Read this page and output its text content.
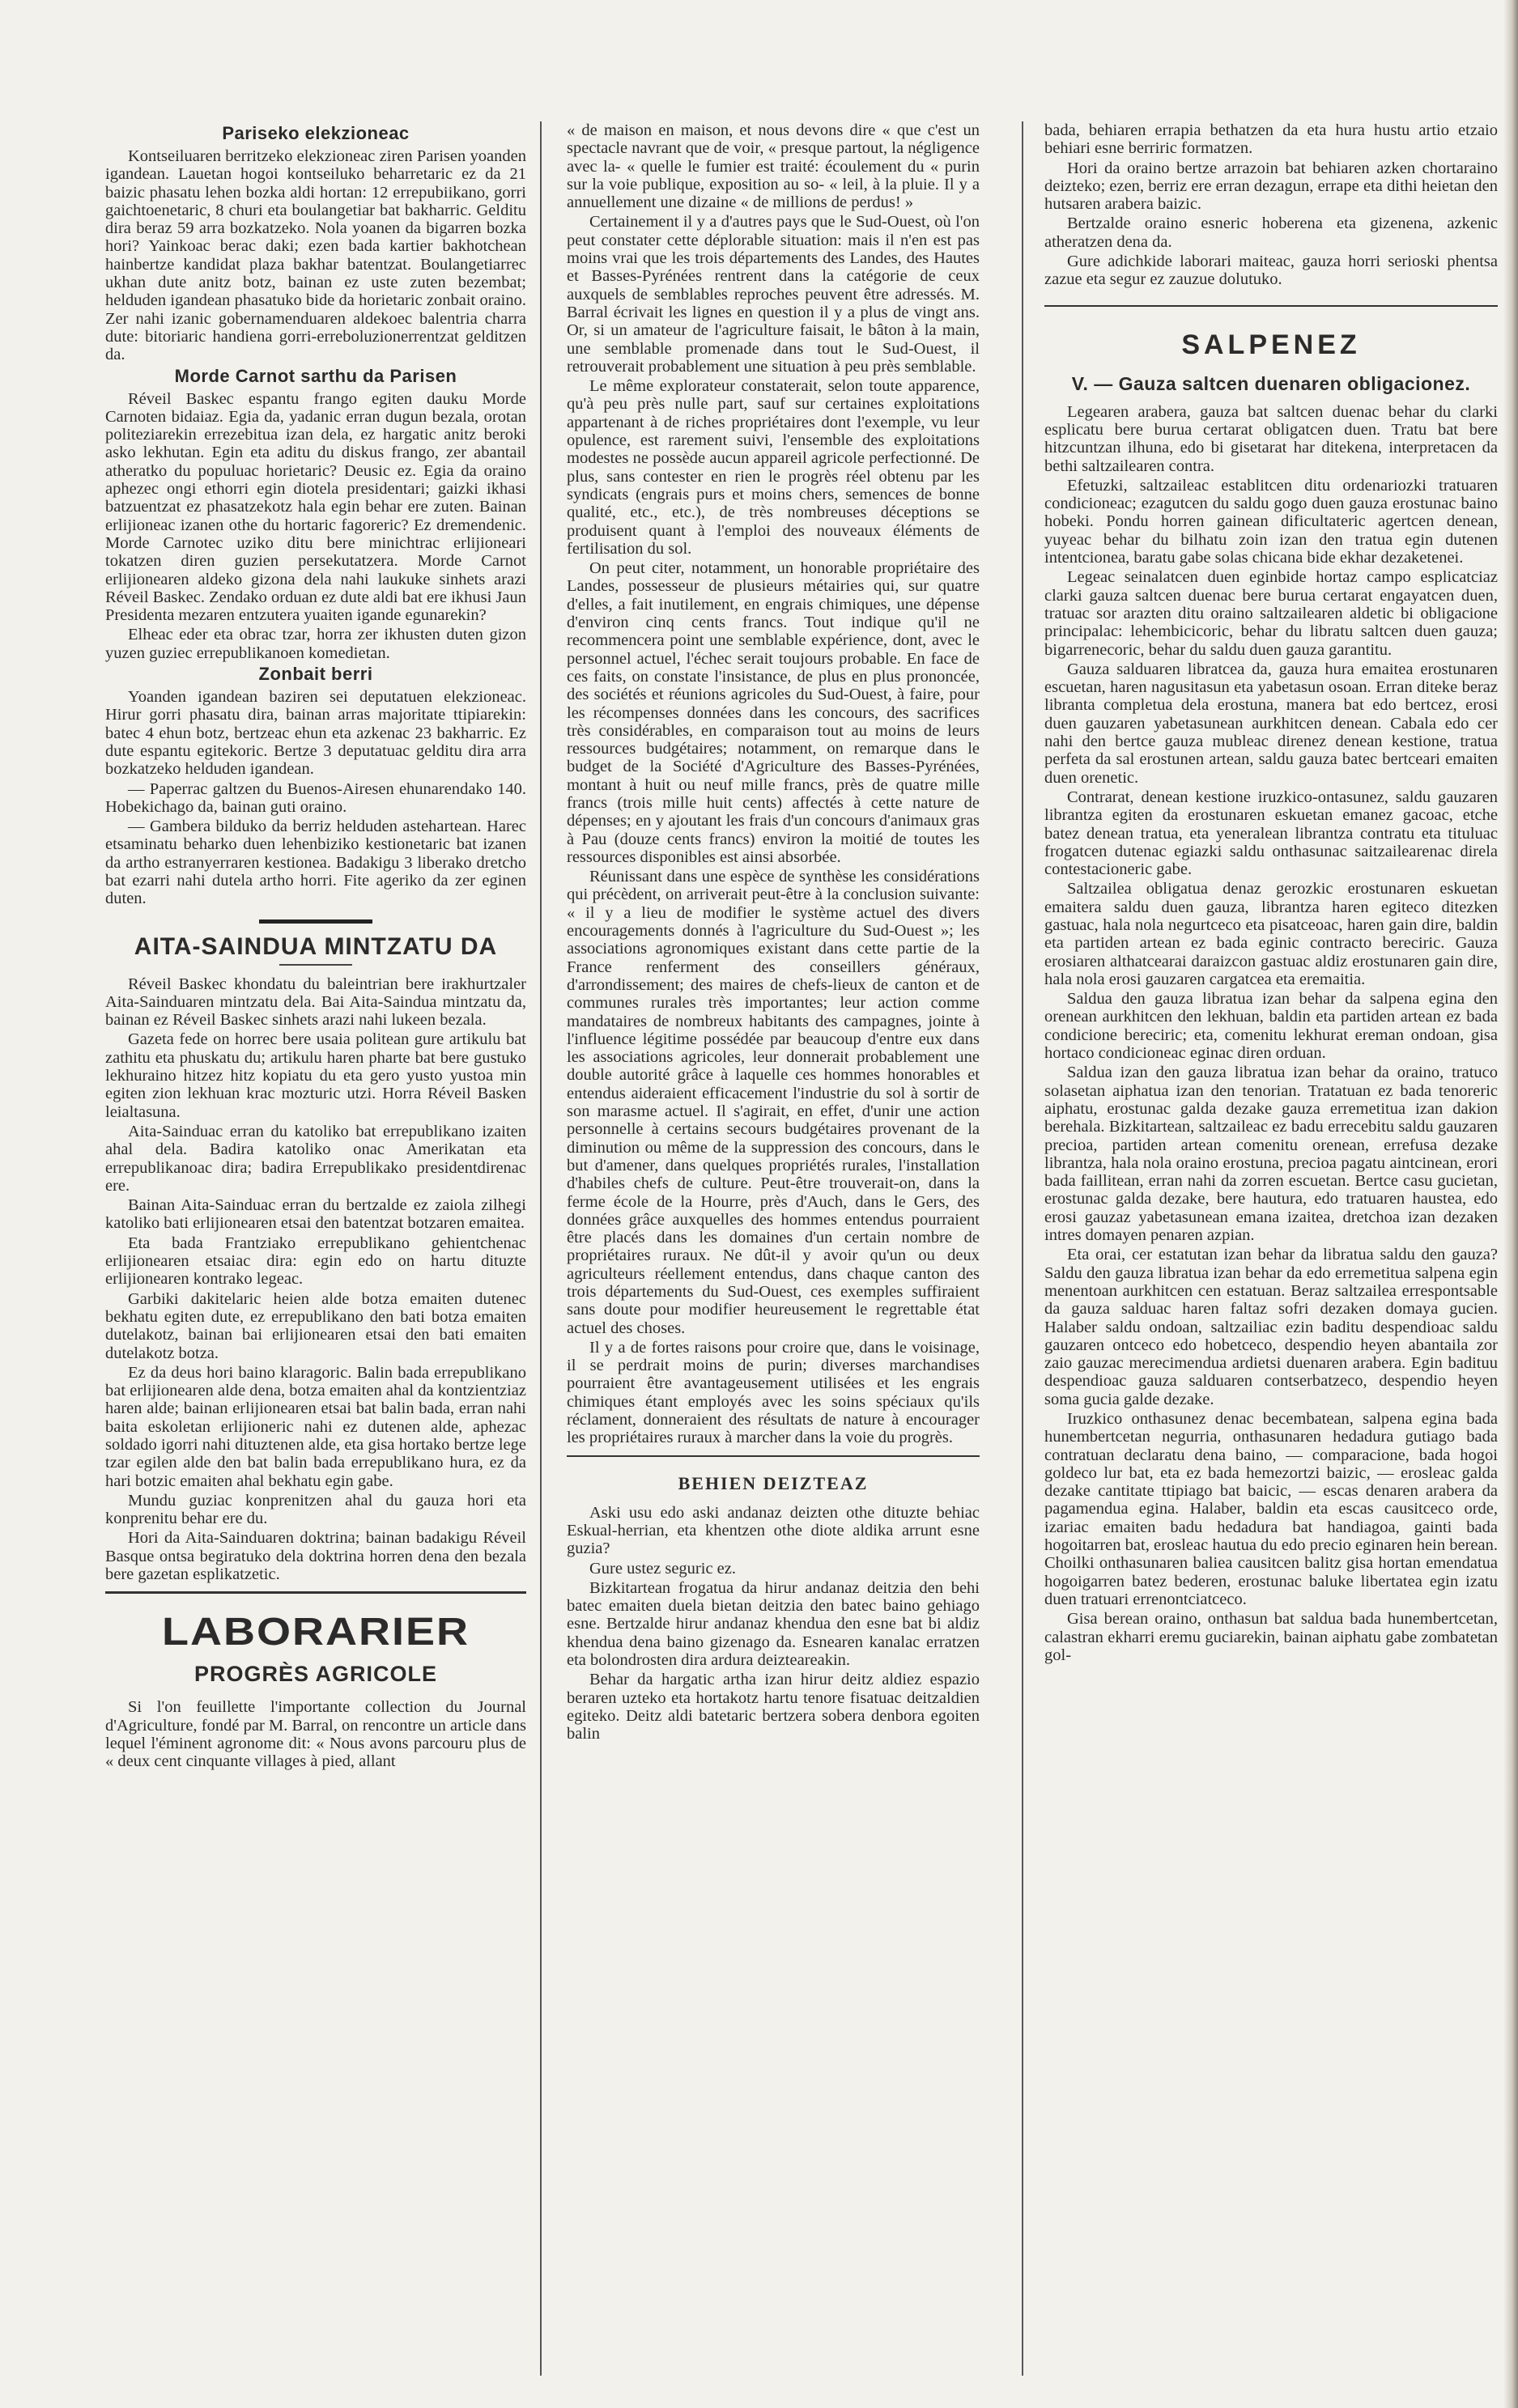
Pariseko elekzioneac

Kontseiluaren berritzeko elekzioneac ziren Parisen yoanden igandean. Lauetan hogoi kontseiluko beharretaric ez da 21 baizic phasatu lehen bozka aldi hortan: 12 errepubiikano, gorri gaichtoenetaric, 8 churi eta boulangetiar bat bakharric. Gelditu dira beraz 59 arra bozkatzeko. Nola yoanen da bigarren bozka hori? Yainkoac berac daki; ezen bada kartier bakhotchean hainbertze kandidat plaza bakhar batentzat. Boulangetiarrec ukhan dute anitz botz, bainan ez uste zuten bezembat; helduden igandean phasatuko bide da horietaric zonbait oraino. Zer nahi izanic gobernamenduaren aldekoec balentria charra dute: bitoriaric handiena gorri-erreboluzionerrentzat gelditzen da.

Morde Carnot sarthu da Parisen

Réveil Baskec espantu frango egiten dauku Morde Carnoten bidaiaz. Egia da, yadanic erran dugun bezala, orotan politeziarekin errezebitua izan dela, ez hargatic anitz beroki asko lekhutan. Egin eta aditu du diskus frango, zer abantail atheratko du populuac horietaric? Deusic ez. Egia da oraino aphezec ongi ethorri egin diotela presidentari; gaizki ikhasi batzuentzat ez phasatzekotz hala egin behar ere zuten. Bainan erlijioneac izanen othe du hortaric fagoreric? Ez dremendenic. Morde Carnotec uziko ditu bere minichtrac erlijioneari tokatzen diren guzien persekutatzera. Morde Carnot erlijionearen aldeko gizona dela nahi laukuke sinhets arazi Réveil Baskec. Zendako orduan ez dute aldi bat ere ikhusi Jaun Presidenta mezaren entzutera yuaiten igande egunarekin?

Elheac eder eta obrac tzar, horra zer ikhusten duten gizon yuzen guziec errepublikanoen komedietan.

Zonbait berri

Yoanden igandean baziren sei deputatuen elekzioneac. Hirur gorri phasatu dira, bainan arras majoritate ttipiarekin: batec 4 ehun botz, bertzeac ehun eta azkenac 23 bakharric. Ez dute espantu egitekoric. Bertze 3 deputatuac gelditu dira arra bozkatzeko helduden igandean.

— Paperrac galtzen du Buenos-Airesen ehunarendako 140. Hobekichago da, bainan guti oraino.

— Gambera bilduko da berriz helduden astehartean. Harec etsaminatu beharko duen lehenbiziko kestionetaric bat izanen da artho estranyerraren kestionea. Badakigu 3 liberako dretcho bat ezarri nahi dutela artho horri. Fite ageriko da zer eginen duten.

AITA-SAINDUA MINTZATU DA

Réveil Baskec khondatu du baleintrian bere irakhurtzaler Aita-Sainduaren mintzatu dela. Bai Aita-Saindua mintzatu da, bainan ez Réveil Baskec sinhets arazi nahi lukeen bezala.

Gazeta fede on horrec bere usaia politean gure artikulu bat zathitu eta phuskatu du; artikulu haren pharte bat bere gustuko lekhuraino hitzez hitz kopiatu du eta gero yusto yustoa min egiten zion lekhuan krac mozturic utzi. Horra Réveil Basken leialtasuna.

Aita-Sainduac erran du katoliko bat errepublikano izaiten ahal dela. Badira katoliko onac Amerikatan eta errepublikanoac dira; badira Errepublikako presidentdirenac ere.

Bainan Aita-Sainduac erran du bertzalde ez zaiola zilhegi katoliko bati erlijionearen etsai den batentzat botzaren emaitea.

Eta bada Frantziako errepublikano gehientchenac erlijionearen etsaiac dira: egin edo on hartu dituzte erlijionearen kontrako legeac.

Garbiki dakitelaric heien alde botza emaiten dutenec bekhatu egiten dute, ez errepublikano den bati botza emaiten dutelakotz, bainan bai erlijionearen etsai den bati emaiten dutelakotz botza.

Ez da deus hori baino klaragoric. Balin bada errepublikano bat erlijionearen alde dena, botza emaiten ahal da kontzientziaz haren alde; bainan erlijionearen etsai bat balin bada, erran nahi baita eskoletan erlijioneric nahi ez dutenen alde, aphezac soldado igorri nahi dituztenen alde, eta gisa hortako bertze lege tzar egilen alde den bat balin bada errepublikano hura, ez da hari botzic emaiten ahal bekhatu egin gabe.

Mundu guziac konprenitzen ahal du gauza hori eta konprenitu behar ere du.

Hori da Aita-Sainduaren doktrina; bainan badakigu Réveil Basque ontsa begiratuko dela doktrina horren dena den bezala bere gazetan esplikatzetic.

LABORARIER
PROGRÈS AGRICOLE

Si l'on feuillette l'importante collection du Journal d'Agriculture, fondé par M. Barral, on rencontre un article dans lequel l'éminent agronome dit: « Nous avons parcouru plus de « deux cent cinquante villages à pied, allant

« de maison en maison, et nous devons dire « que c'est un spectacle navrant que de voir, « presque partout, la négligence avec la- « quelle le fumier est traité: écoulement du « purin sur la voie publique, exposition au so- « leil, à la pluie. Il y a annuellement une dizaine « de millions de perdus! »

Certainement il y a d'autres pays que le Sud-Ouest, où l'on peut constater cette déplorable situation: mais il n'en est pas moins vrai que les trois départements des Landes, des Hautes et Basses-Pyrénées rentrent dans la catégorie de ceux auxquels de semblables reproches peuvent être adressés. M. Barral écrivait les lignes en question il y a plus de vingt ans. Or, si un amateur de l'agriculture faisait, le bâton à la main, une semblable promenade dans tout le Sud-Ouest, il retrouverait probablement une situation à peu près semblable.

Le même explorateur constaterait, selon toute apparence, qu'à peu près nulle part, sauf sur certaines exploitations appartenant à de riches propriétaires dont l'exemple, vu leur opulence, est rarement suivi, l'ensemble des exploitations modestes ne possède aucun appareil agricole perfectionné. De plus, sans contester en rien le progrès réel obtenu par les syndicats (engrais purs et moins chers, semences de bonne qualité, etc., etc.), de très nombreuses déceptions se produisent quant à l'emploi des nouveaux éléments de fertilisation du sol.

On peut citer, notamment, un honorable propriétaire des Landes, possesseur de plusieurs métairies qui, sur quatre d'elles, a fait inutilement, en engrais chimiques, une dépense d'environ cinq cents francs. Tout indique qu'il ne recommencera point une semblable expérience, dont, avec le personnel actuel, l'échec serait toujours probable. En face de ces faits, on constate l'insistance, de plus en plus prononcée, des sociétés et réunions agricoles du Sud-Ouest, à faire, pour les récompenses données dans les concours, des sacrifices très considérables, en comparaison tout au moins de leurs ressources budgétaires; notamment, on remarque dans le budget de la Société d'Agriculture des Basses-Pyrénées, montant à huit ou neuf mille francs, près de quatre mille francs (trois mille huit cents) affectés à cette nature de dépenses; en y ajoutant les frais d'un concours d'animaux gras à Pau (douze cents francs) environ la moitié de toutes les ressources disponibles est ainsi absorbée.

Réunissant dans une espèce de synthèse les considérations qui précèdent, on arriverait peut-être à la conclusion suivante: « il y a lieu de modifier le système actuel des divers encouragements donnés à l'agriculture du Sud-Ouest »; les associations agronomiques existant dans cette partie de la France renferment des conseillers généraux, d'arrondissement; des maires de chefs-lieux de canton et de communes rurales très importantes; leur action comme mandataires de nombreux habitants des campagnes, jointe à l'influence légitime possédée par beaucoup d'entre eux dans les associations agricoles, leur donnerait probablement une double autorité grâce à laquelle ces hommes honorables et entendus aideraient efficacement l'industrie du sol à sortir de son marasme actuel. Il s'agirait, en effet, d'unir une action personnelle à certains secours budgétaires provenant de la diminution ou même de la suppression des concours, dans le but d'amener, dans quelques propriétés rurales, l'installation d'habiles chefs de culture. Peut-être trouverait-on, dans la ferme école de la Hourre, près d'Auch, dans le Gers, des données grâce auxquelles des hommes entendus pourraient être placés dans les domaines d'un certain nombre de propriétaires ruraux. Ne dût-il y avoir qu'un ou deux agriculteurs réellement entendus, dans chaque canton des trois départements du Sud-Ouest, ces exemples suffiraient sans doute pour modifier heureusement le regrettable état actuel des choses.

Il y a de fortes raisons pour croire que, dans le voisinage, il se perdrait moins de purin; diverses marchandises pourraient être avantageusement utilisées et les engrais chimiques étant employés avec les soins spéciaux qu'ils réclament, donneraient des résultats de nature à encourager les propriétaires ruraux à marcher dans la voie du progrès.

BEHIEN DEIZTEAZ

Aski usu edo aski andanaz deizten othe dituzte behiac Eskual-herrian, eta khentzen othe diote aldika arrunt esne guzia?

Gure ustez seguric ez.

Bizkitartean frogatua da hirur andanaz deitzia den behi batec emaiten duela bietan deitzia den batec baino gehiago esne. Bertzalde hirur andanaz khendua den esne bat bi aldiz khendua dena baino gizenago da. Esnearen kanalac erratzen eta bolondrosten dira ardura deizteareakin.

Behar da hargatic artha izan hirur deitz aldiez espazio beraren uzteko eta hortakotz hartu tenore fisatuac deitzaldien egiteko. Deitz aldi batetaric bertzera sobera denbora egoiten balin

bada, behiaren errapia bethatzen da eta hura hustu artio etzaio behiari esne berriric formatzen.

Hori da oraino bertze arrazoin bat behiaren azken chortaraino deizteko; ezen, berriz ere erran dezagun, errape eta dithi heietan den hutsaren arabera baizic.

Bertzalde oraino esneric hoberena eta gizenena, azkenic atheratzen dena da.

Gure adichkide laborari maiteac, gauza horri serioski phentsa zazue eta segur ez zauzue dolutuko.

SALPENEZ
V. — Gauza saltcen duenaren obligacionez.

Legearen arabera, gauza bat saltcen duenac behar du clarki esplicatu bere burua certarat obligatcen duen. Tratu bat bere hitzcuntzan ilhuna, edo bi gisetarat har ditekena, interpretacen da bethi saltzailearen contra.

Efetuzki, saltzaileac establitcen ditu ordenariozki tratuaren condicioneac; ezagutcen du saldu gogo duen gauza erostunac baino hobeki. Pondu horren gainean dificultateric agertcen denean, yuyeac behar du bilhatu zoin izan den tratua egin dutenen intentcionea, baratu gabe solas chicana bide ekhar dezaketenei.

Legeac seinalatcen duen eginbide hortaz campo esplicatciaz clarki gauza saltcen duenac bere burua certarat engayatcen duen, tratuac sor arazten ditu oraino saltzailearen aldetic bi obligacione principalac: lehembicicoric, behar du libratu saltcen duen gauza; bigarrenecoric, behar du saldu duen gauza garantitu.

Gauza salduaren libratcea da, gauza hura emaitea erostunaren escuetan, haren nagusitasun eta yabetasun osoan. Erran diteke beraz libranta completua dela erostuna, manera bat edo bertcez, erosi duen gauzaren yabetasunean aurkhitcen denean. Cabala edo cer nahi den bertce gauza mubleac direnez denean kestione, tratua perfeta da sal erostunen artean, saldu gauza batec bertceari emaiten duen orenetic.

Contrarat, denean kestione iruzkico-ontasunez, saldu gauzaren librantza egiten da erostunaren eskuetan emanez gacoac, etche batez denean tratua, eta yeneralean librantza contratu eta tituluac frogatcen dutenac egiazki saldu onthasunac saitzailearenac direla contestacioneric gabe.

Saltzailea obligatua denaz gerozkic erostunaren eskuetan emaitera saldu duen gauza, librantza haren egiteco ditezken gastuac, hala nola negurtceco eta pisatceoac, haren gain dire, baldin eta partiden artean ez bada eginic contracto bereciric. Gauza erosiaren althatcearai daraizcon gastuac aldiz erostunaren gain dire, hala nola erosi gauzaren cargatcea eta eremaitia.

Saldua den gauza libratua izan behar da salpena egina den orenean aurkhitcen den lekhuan, baldin eta partiden artean ez bada condicione bereciric; eta, comenitu lekhurat ereman ondoan, gisa hortaco condicioneac eginac diren orduan.

Saldua izan den gauza libratua izan behar da oraino, tratuco solasetan aiphatua izan den tenorian. Tratatuan ez bada tenoreric aiphatu, erostunac galda dezake gauza erremetitua izan dakion berehala. Bizkitartean, saltzaileac ez badu errecebitu saldu gauzaren precioa, partiden artean comenitu orenean, errefusa dezake librantza, hala nola oraino erostuna, precioa pagatu aintcinean, erori bada faillitean, erran nahi da zorren escuetan. Bertce casu gucietan, erostunac galda dezake, bere hautura, edo tratuaren haustea, edo erosi gauzaz yabetasunean emana izaitea, dretchoa izan dezaken intres domayen penaren azpian.

Eta orai, cer estatutan izan behar da libratua saldu den gauza? Saldu den gauza libratua izan behar da edo erremetitua salpena egin menentoan aurkhitcen cen estatuan. Beraz saltzailea errespontsable da gauza salduac haren faltaz sofri dezaken domaya gucien. Halaber saldu ondoan, saltzailiac ezin baditu despendioac saldu gauzaren ontceco edo hobetceco, despendio heyen abantaila zor zaio gauzac merecimendua ardietsi duenaren arabera. Egin badituu despendioac gauza salduaren contserbatzeco, despendio heyen soma gucia galde dezake.

Iruzkico onthasunez denac becembatean, salpena egina bada hunembertcetan negurria, onthasunaren hedadura gutiago bada contratuan declaratu dena baino, — comparacione, bada hogoi goldeco lur bat, eta ez bada hemezortzi baizic, — erosleac galda dezake cantitate ttipiago bat baicic, — escas denaren arabera da pagamendua egina. Halaber, baldin eta escas causitceco orde, izariac emaiten badu hedadura bat handiagoa, gainti bada hogoitarren bat, erosleac hautua du edo precio eginaren hein berean. Choilki onthasunaren baliea causitcen balitz gisa hortan emendatua hogoigarren batez bederen, erostunac baluke libertatea egin izatu duen tratuari errenontciatceco.

Gisa berean oraino, onthasun bat saldua bada hunembertcetan, calastran ekharri eremu guciarekin, bainan aiphatu gabe zombatetan gol-
